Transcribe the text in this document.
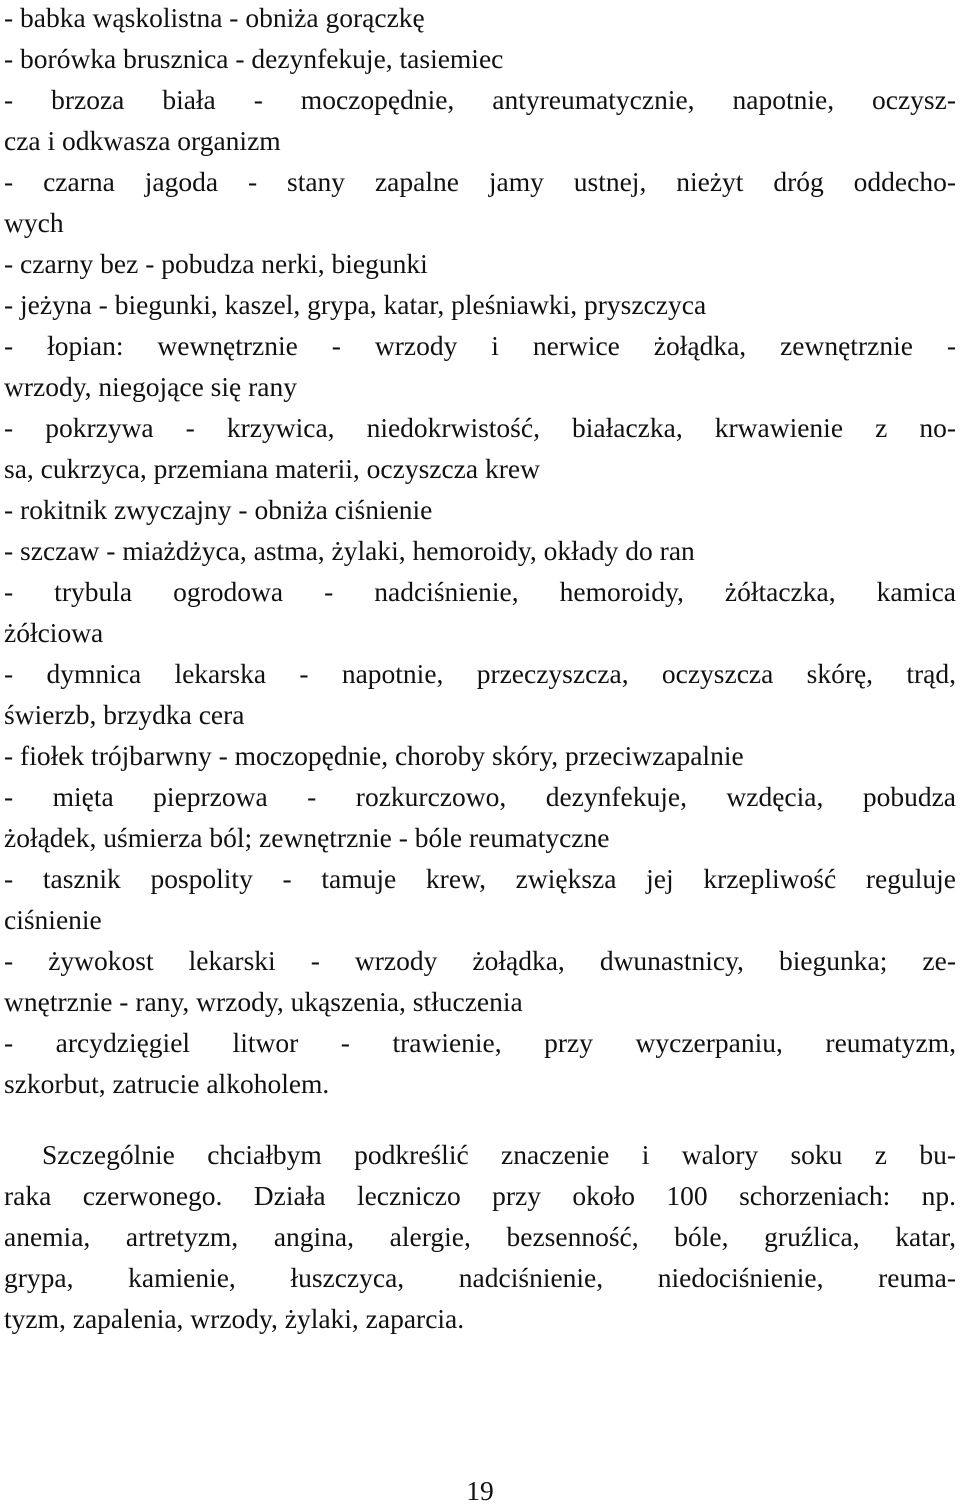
- babka wąskolistna - obniża gorączkę
- borówka brusznica - dezynfekuje, tasiemiec
- brzoza biała - moczopędnie, antyreumatycznie, napotnie, oczysz-
cza i odkwasza organizm
- czarna jagoda - stany zapalne jamy ustnej, nieżyt dróg oddecho-
wych
- czarny bez - pobudza nerki, biegunki
- jeżyna - biegunki, kaszel, grypa, katar, pleśniawki, pryszczyca
- łopian: wewnętrznie - wrzody i nerwice żołądka, zewnętrznie -
wrzody, niegojące się rany
- pokrzywa - krzywica, niedokrwistość, białaczka, krwawienie z no-
sa, cukrzyca, przemiana materii, oczyszcza krew
- rokitnik zwyczajny - obniża ciśnienie
- szczaw - miażdżyca, astma, żylaki, hemoroidy, okłady do ran
- trybula ogrodowa - nadciśnienie, hemoroidy, żółtaczka, kamica
żółciowa
- dymnica lekarska - napotnie, przeczyszcza, oczyszcza skórę, trąd,
świerzb, brzydka cera
- fiołek trójbarwny - moczopędnie, choroby skóry, przeciwzapalnie
- mięta pieprzowa - rozkurczowo, dezynfekuje, wzdęcia, pobudza
żołądek, uśmierza ból; zewnętrznie - bóle reumatyczne
- tasznik pospolity - tamuje krew, zwiększa jej krzepliwość reguluje
ciśnienie
- żywokost lekarski - wrzody żołądka, dwunastnicy, biegunka; ze-
wnętrznie - rany, wrzody, ukąszenia, stłuczenia
- arcydzięgiel litwor - trawienie, przy wyczerpaniu, reumatyzm,
szkorbut, zatrucie alkoholem.
Szczególnie chciałbym podkreślić znaczenie i walory soku z bu-
raka czerwonego. Działa leczniczo przy około 100 schorzeniach: np.
anemia, artretyzm, angina, alergie, bezsenność, bóle, gruźlica, katar,
grypa, kamienie, łuszczyca, nadciśnienie, niedociśnienie, reuma-
tyzm, zapalenia, wrzody, żylaki, zaparcia.
19
